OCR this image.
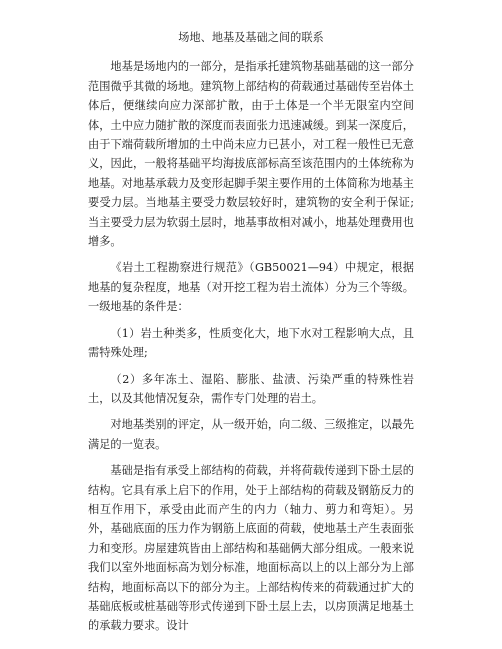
场地、地基及基础之间的联系

地基是场地内的一部分，是指承托建筑物基础基础的这一部分范围微乎其微的场地。建筑物上部结构的荷载通过基础传至岩体土体后，便继续向应力深部扩散，由于土体是一个半无限室内空间体，土中应力随扩散的深度而表面张力迅速减缓。到某一深度后，由于下端荷载所增加的土中尚未应力已甚小，对工程一般性已无意义，因此，一般将基础平均海拔底部标高至该范围内的土体统称为地基。对地基承载力及变形起脚手架主要作用的土体简称为地基主要受力层。当地基主要受力数层较好时，建筑物的安全利于保证;当主要受力层为软弱土层时，地基事故相对减小，地基处理费用也增多。

《岩土工程勘察进行规范》（GB50021—94）中规定，根据地基的复杂程度，地基（对开挖工程为岩土流体）分为三个等级。一级地基的条件是：

（1）岩土种类多，性质变化大，地下水对工程影响大点，且需特殊处理;

（2）多年冻土、湿陷、膨胀、盐渍、污染严重的特殊性岩土，以及其他情况复杂，需作专门处理的岩土。

对地基类别的评定，从一级开始，向二级、三级推定，以最先满足的一览表。

基础是指有承受上部结构的荷载，并将荷载传递到下卧土层的结构。它具有承上启下的作用，处于上部结构的荷载及钢筋反力的相互作用下，承受由此而产生的内力（轴力、剪力和弯矩）。另外，基础底面的压力作为钢筋上底面的荷载，使地基土产生表面张力和变形。房屋建筑皆由上部结构和基础俩大部分组成。一般来说我们以室外地面标高为划分标准，地面标高以上的以上部分为上部结构，地面标高以下的部分为主。上部结构传来的荷载通过扩大的基础底板或桩基础等形式传递到下卧土层上去，以房顶满足地基土的承载力要求。设计
